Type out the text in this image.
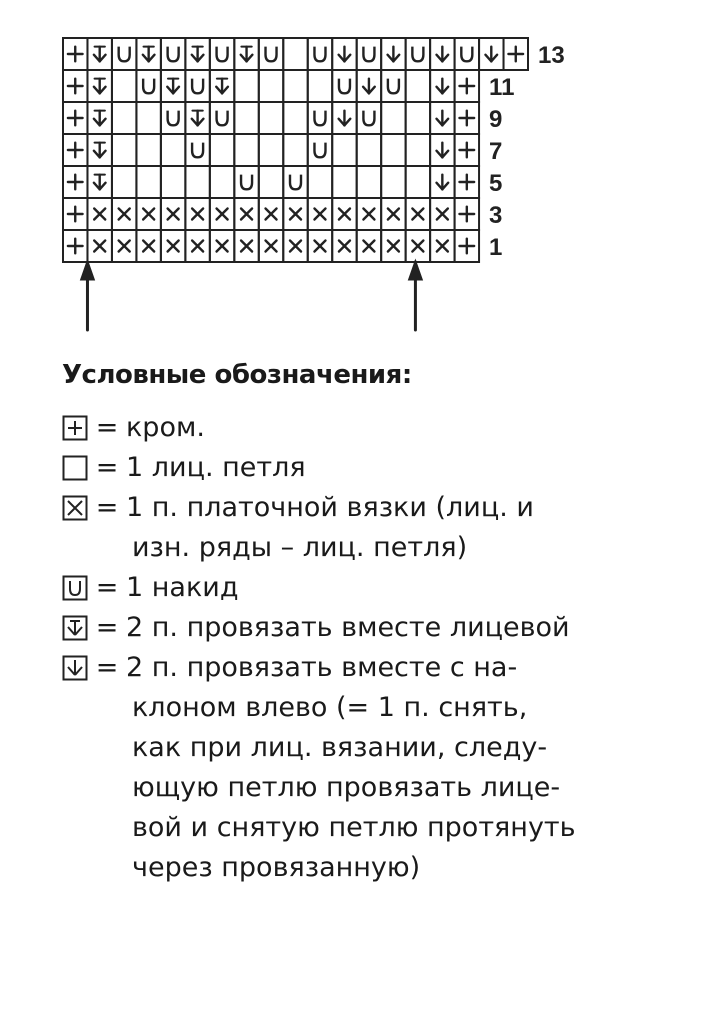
13
11
9
7
5
3
1
Условные обозначения:
= кром.
= 1 лиц. петля
= 1 п. платочной вязки (лиц. и
изн. ряды – лиц. петля)
= 1 накид
= 2 п. провязать вместе лицевой
= 2 п. провязать вместе с на-
клоном влево (= 1 п. снять,
как при лиц. вязании, следу-
ющую петлю провязать лице-
вой и снятую петлю протянуть
через провязанную)
